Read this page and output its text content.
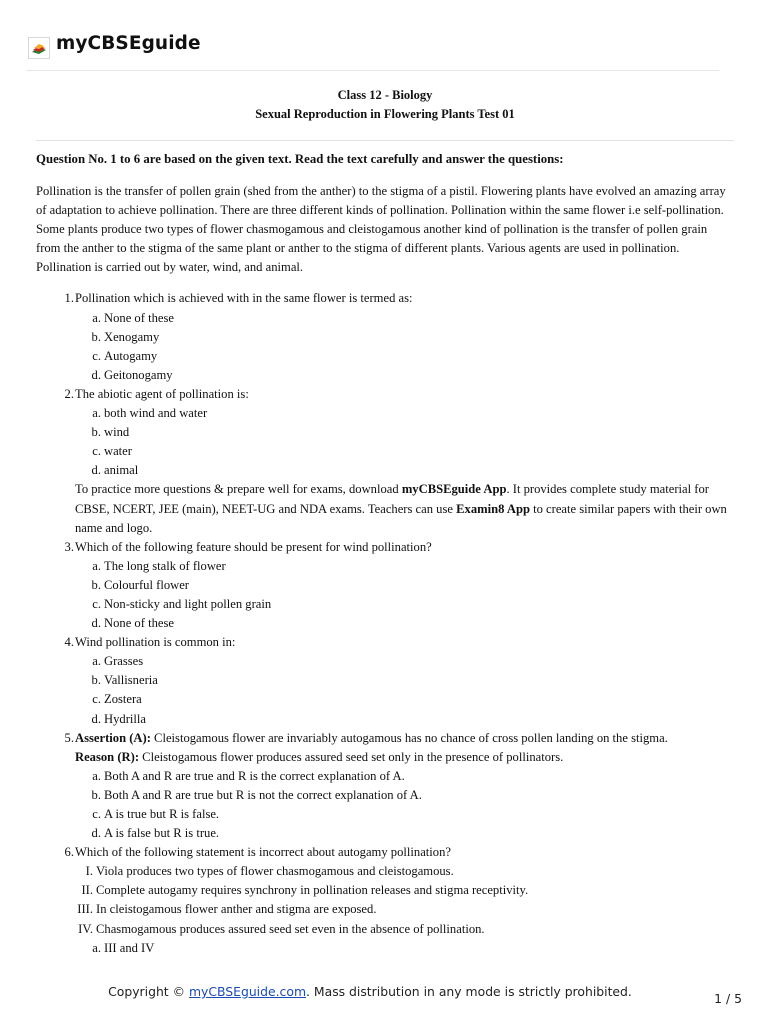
myCBSEguide
Class 12 - Biology
Sexual Reproduction in Flowering Plants Test 01

Question No. 1 to 6 are based on the given text. Read the text carefully and answer the questions:

Pollination is the transfer of pollen grain (shed from the anther) to the stigma of a pistil. Flowering plants have evolved an amazing array of adaptation to achieve pollination. There are three different kinds of pollination. Pollination within the same flower i.e self-pollination. Some plants produce two types of flower chasmogamous and cleistogamous another kind of pollination is the transfer of pollen grain from the anther to the stigma of the same plant or anther to the stigma of different plants. Various agents are used in pollination. Pollination is carried out by water, wind, and animal.

1. Pollination which is achieved with in the same flower is termed as:
a. None of these
b. Xenogamy
c. Autogamy
d. Geitonogamy
2. The abiotic agent of pollination is:
a. both wind and water
b. wind
c. water
d. animal
To practice more questions & prepare well for exams, download myCBSEguide App. It provides complete study material for CBSE, NCERT, JEE (main), NEET-UG and NDA exams. Teachers can use Examin8 App to create similar papers with their own name and logo.
3. Which of the following feature should be present for wind pollination?
a. The long stalk of flower
b. Colourful flower
c. Non-sticky and light pollen grain
d. None of these
4. Wind pollination is common in:
a. Grasses
b. Vallisneria
c. Zostera
d. Hydrilla
5. Assertion (A): Cleistogamous flower are invariably autogamous has no chance of cross pollen landing on the stigma.
Reason (R): Cleistogamous flower produces assured seed set only in the presence of pollinators.
a. Both A and R are true and R is the correct explanation of A.
b. Both A and R are true but R is not the correct explanation of A.
c. A is true but R is false.
d. A is false but R is true.
6. Which of the following statement is incorrect about autogamy pollination?
I. Viola produces two types of flower chasmogamous and cleistogamous.
II. Complete autogamy requires synchrony in pollination releases and stigma receptivity.
III. In cleistogamous flower anther and stigma are exposed.
IV. Chasmogamous produces assured seed set even in the absence of pollination.
a. III and IV
Copyright © myCBSEguide.com. Mass distribution in any mode is strictly prohibited.	1 / 5
